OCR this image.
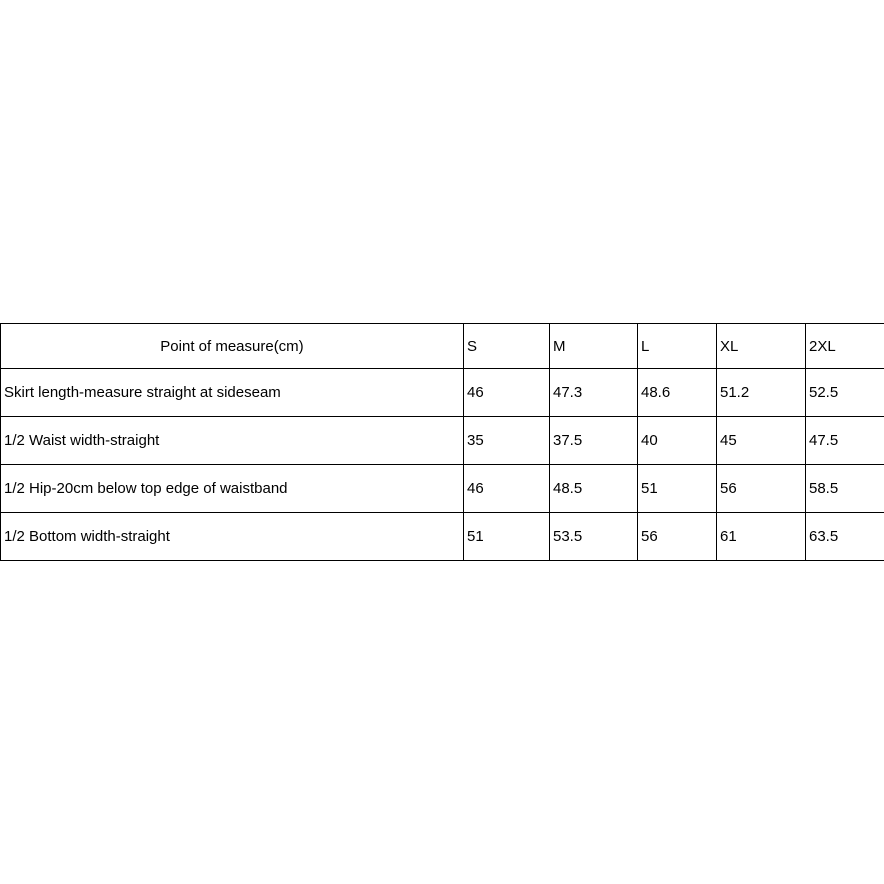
Point of measure(cm)	S	M	L	XL	2XL
Skirt length-measure straight at sideseam	46	47.3	48.6	51.2	52.5
1/2 Waist width-straight	35	37.5	40	45	47.5
1/2 Hip-20cm below top edge of waistband	46	48.5	51	56	58.5
1/2 Bottom width-straight	51	53.5	56	61	63.5
